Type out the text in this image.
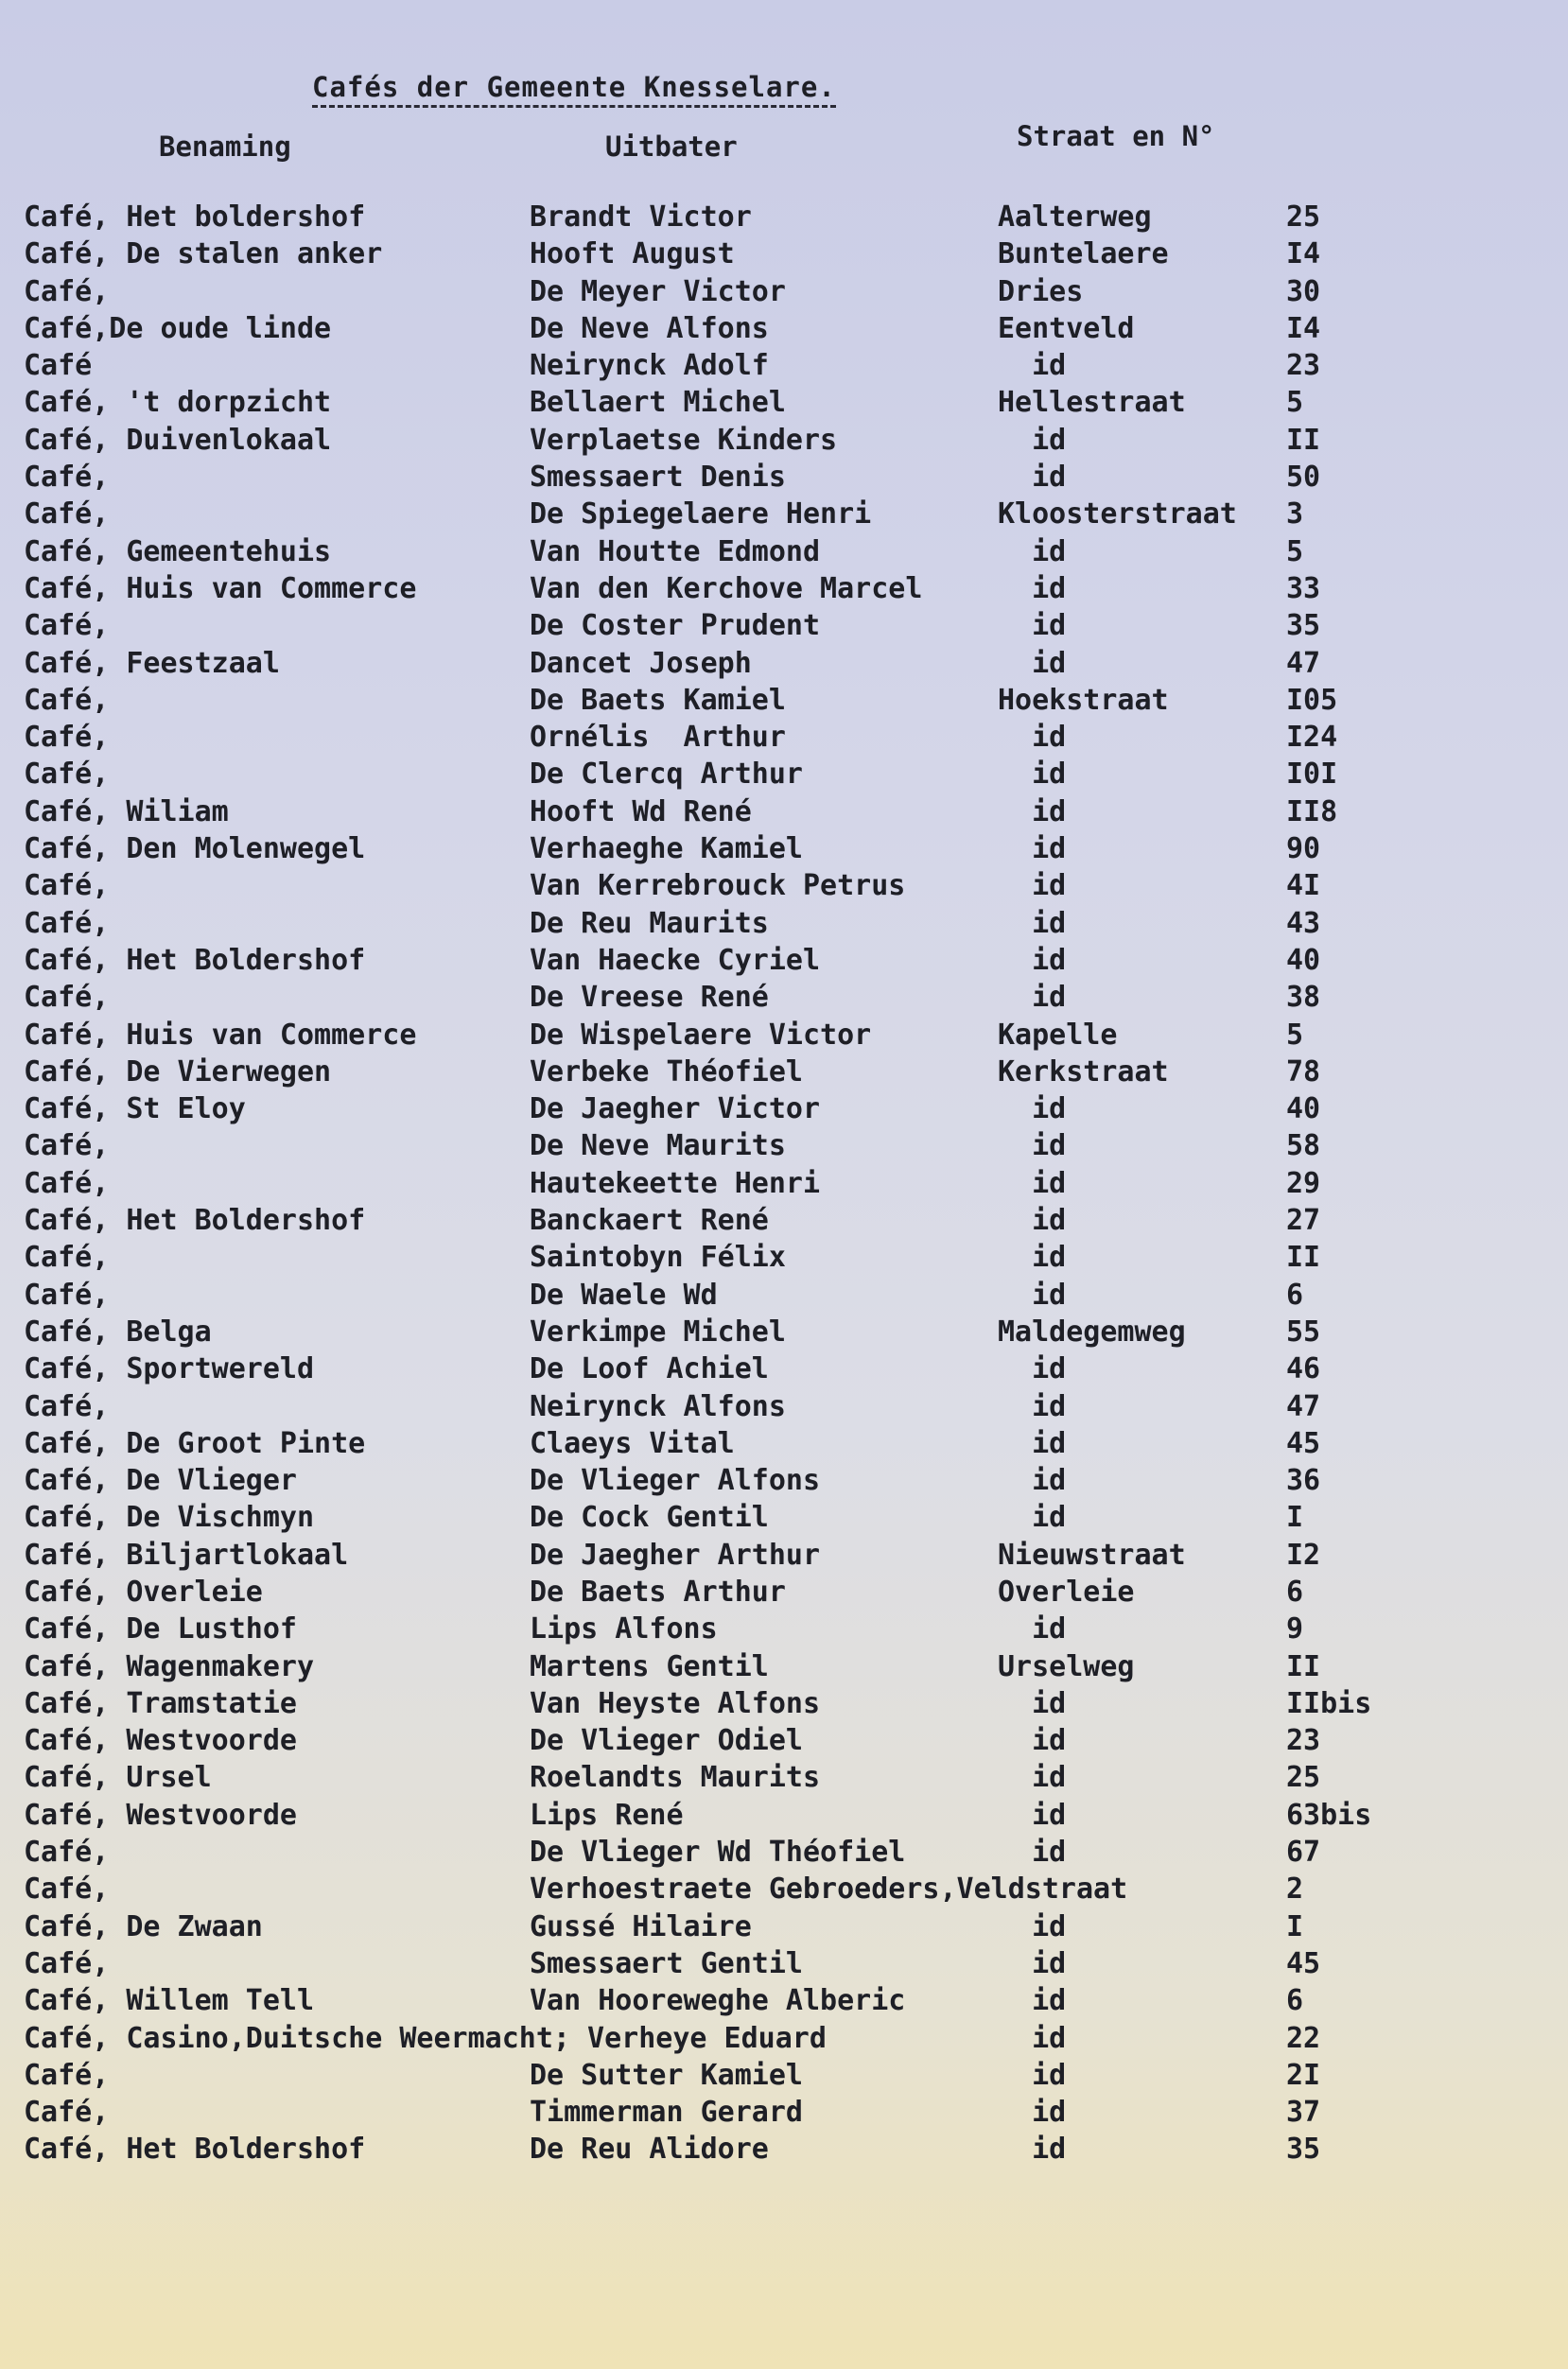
Cafés der Gemeente Knesselare.
Benaming	Uitbater	Straat en N°
Café, Het boldershof	Brandt Victor	Aalterweg	25
Café, De stalen anker	Hooft August	Buntelaere	I4
Café,	De Meyer Victor	Dries	30
Café,De oude linde	De Neve Alfons	Eentveld	I4
Café	Neirynck Adolf	id	23
Café, 't dorpzicht	Bellaert Michel	Hellestraat	5
Café, Duivenlokaal	Verplaetse Kinders	id	II
Café,	Smessaert Denis	id	50
Café,	De Spiegelaere Henri	Kloosterstraat 3
Café, Gemeentehuis	Van Houtte Edmond	id	5
Café, Huis van Commerce	Van den Kerchove Marcel	id	33
Café,	De Coster Prudent	id	35
Café, Feestzaal	Dancet Joseph	id	47
Café,	De Baets Kamiel	Hoekstraat	I05
Café,	Ornélis  Arthur	id	I24
Café,	De Clercq Arthur	id	I0I
Café, Wiliam	Hooft Wd René	id	II8
Café, Den Molenwegel	Verhaeghe Kamiel	id	90
Café,	Van Kerrebrouck Petrus	id	4I
Café,	De Reu Maurits	id	43
Café, Het Boldershof	Van Haecke Cyriel	id	40
Café,	De Vreese René	id	38
Café, Huis van Commerce	De Wispelaere Victor	Kapelle	5
Café, De Vierwegen	Verbeke Théofiel	Kerkstraat	78
Café, St Eloy	De Jaegher Victor	id	40
Café,	De Neve Maurits	id	58
Café,	Hautekeette Henri	id	29
Café, Het Boldershof	Banckaert René	id	27
Café,	Saintobyn Félix	id	II
Café,	De Waele Wd	id	6
Café, Belga	Verkimpe Michel	Maldegemweg	55
Café, Sportwereld	De Loof Achiel	id	46
Café,	Neirynck Alfons	id	47
Café, De Groot Pinte	Claeys Vital	id	45
Café, De Vlieger	De Vlieger Alfons	id	36
Café, De Vischmyn	De Cock Gentil	id	I
Café, Biljartlokaal	De Jaegher Arthur	Nieuwstraat	I2
Café, Overleie	De Baets Arthur	Overleie	6
Café, De Lusthof	Lips Alfons	id	9
Café, Wagenmakery	Martens Gentil	Urselweg	II
Café, Tramstatie	Van Heyste Alfons	id	IIbis
Café, Westvoorde	De Vlieger Odiel	id	23
Café, Ursel	Roelandts Maurits	id	25
Café, Westvoorde	Lips René	id	63bis
Café,	De Vlieger Wd Théofiel	id	67
Café,	Verhoestraete Gebroeders,Veldstraat	2
Café, De Zwaan	Gussé Hilaire	id	I
Café,	Smessaert Gentil	id	45
Café, Willem Tell	Van Hooreweghe Alberic	id	6
Café, Casino,Duitsche Weermacht; Verheye Eduard	id	22
Café,	De Sutter Kamiel	id	2I
Café,	Timmerman Gerard	id	37
Café, Het Boldershof	De Reu Alidore	id	35
